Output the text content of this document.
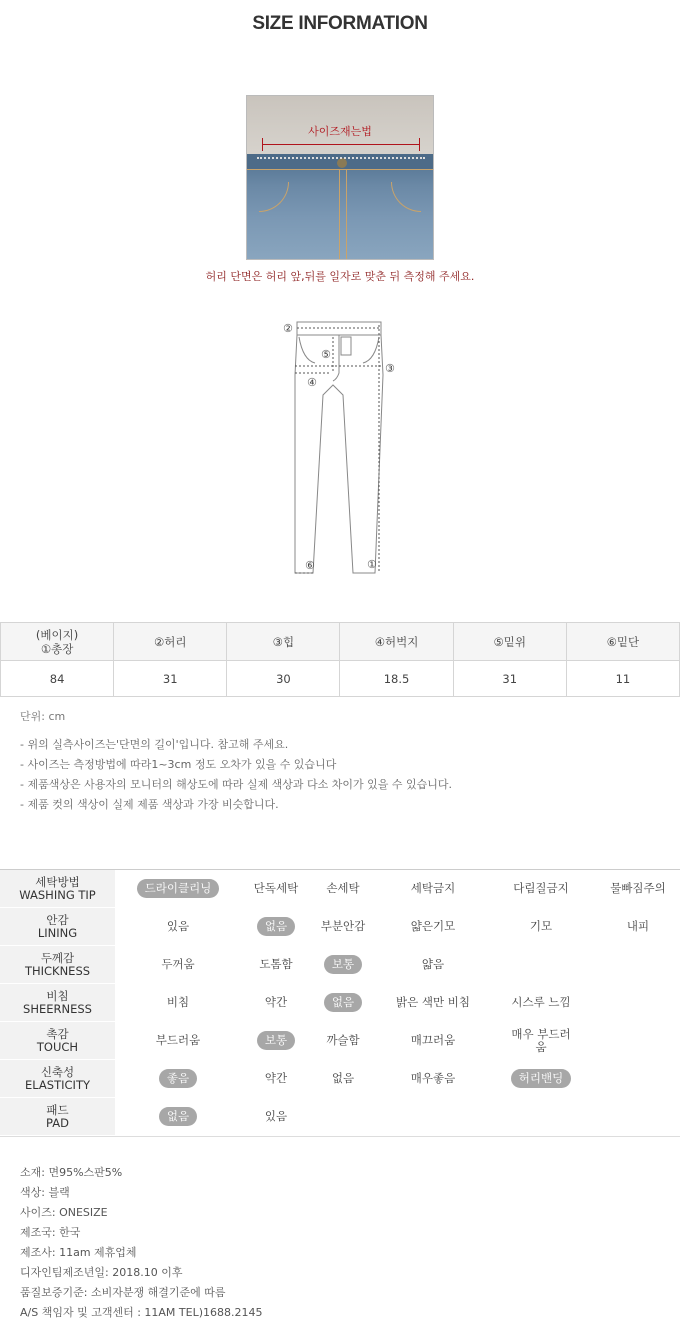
SIZE INFORMATION
사이즈재는법
허리 단면은 허리 앞,뒤를 일자로 맞춘 뒤 측정해 주세요.
②
⑤
③
④
⑥	①
(베이지)
①총장	②허리	③힙	④허벅지	⑤밑위	⑥밑단
84	31	30	18.5	31	11
단위: cm
- 위의 실측사이즈는'단면의 길이'입니다. 참고해 주세요.
- 사이즈는 측정방법에 따라1~3cm 정도 오차가 있을 수 있습니다
- 제품색상은 사용자의 모니터의 해상도에 따라 실제 색상과 다소 차이가 있을 수 있습니다.
- 제품 컷의 색상이 실제 제품 색상과 가장 비슷합니다.
세탁방법
WASHING TIP	드라이클리닝	단독세탁	손세탁	세탁금지	다림질금지	물빠짐주의
안감
LINING	있음	없음	부분안감	얇은기모	기모	내피
두께감
THICKNESS	두꺼움	도톰함	보통	얇음
비침
SHEERNESS	비침	약간	없음	밝은 색만 비침	시스루 느낌
촉감
TOUCH	부드러움	보통	까슬함	매끄러움	매우 부드러움
신축성
ELASTICITY	좋음	약간	없음	매우좋음	허리밴딩
패드
PAD	없음	있음
소재: 면95%스판5%
색상: 블랙
사이즈: ONESIZE
제조국: 한국
제조사: 11am 제휴업체
디자인팀제조년일: 2018.10 이후
품질보증기준: 소비자분쟁 해결기준에 따름
A/S 책임자 및 고객센터 : 11AM TEL)1688.2145
